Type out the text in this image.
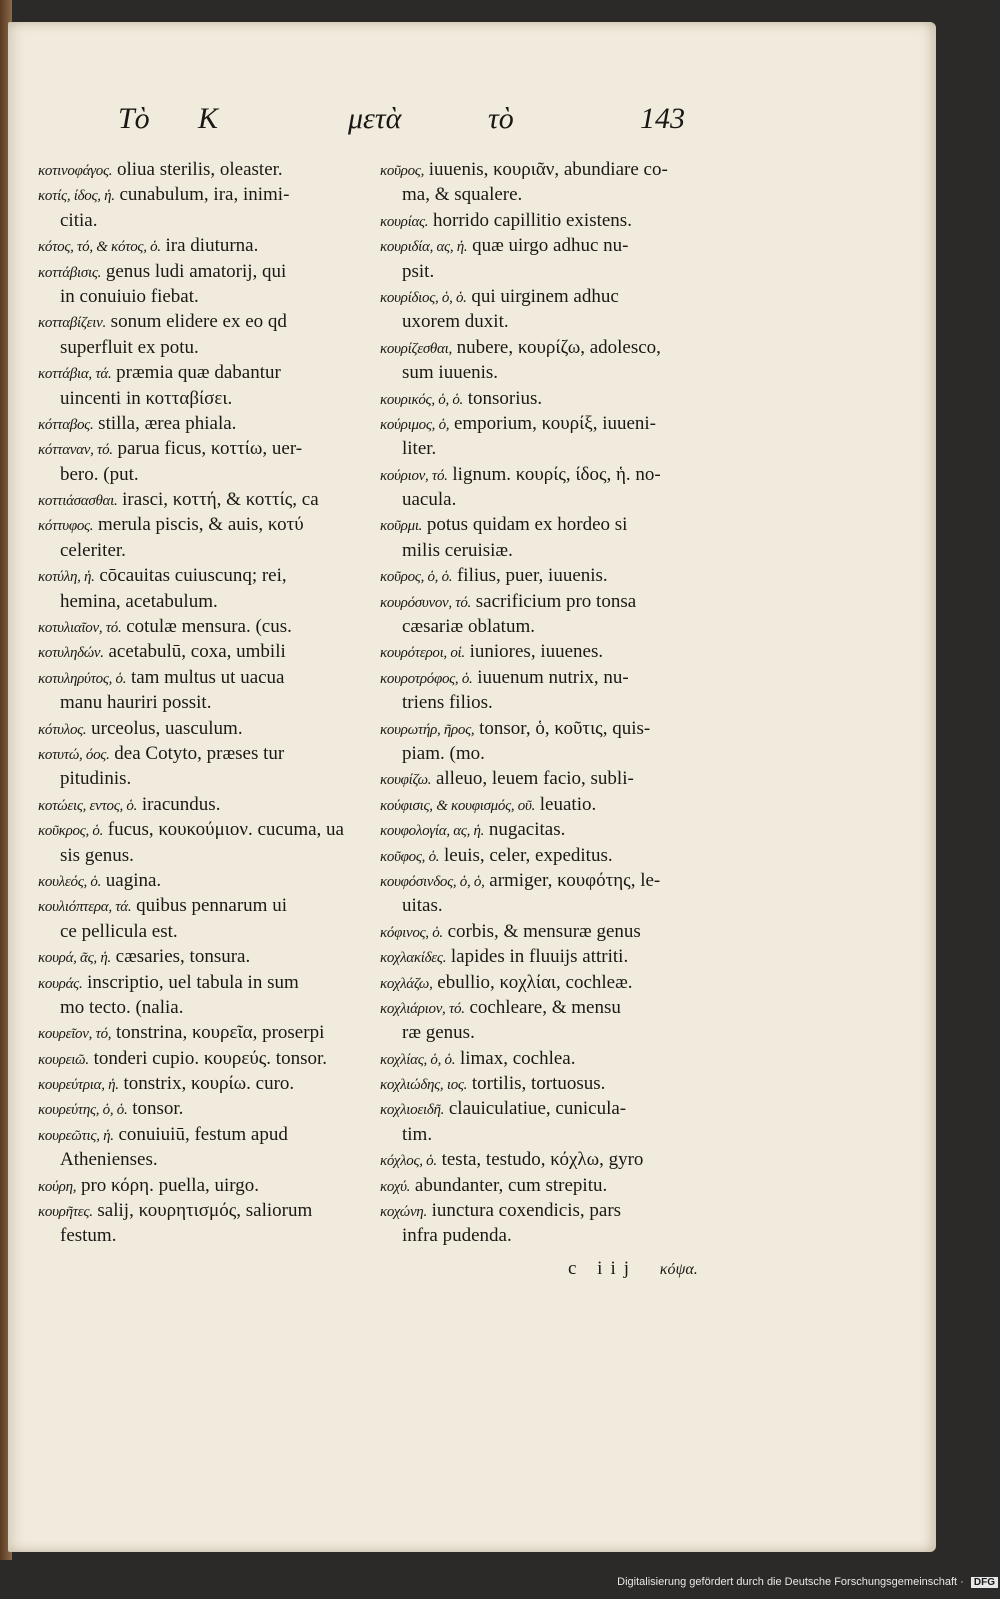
Τὸ Κ	μετὰ	τὸ	143
κοτινοφάγος. oliua sterilis, oleaster.
κοτίς, ίδος, ἡ. cunabulum, ira, inimi-
citia.
κότος, τό, & κότος, ὁ. ira diuturna.
κοττάβισις. genus ludi amatorij, qui
in conuiuio fiebat.
κοτταβίζειν. sonum elidere ex eo qd
superfluit ex potu.
κοττάβια, τά. præmia quæ dabantur
uincenti in κοτταβίσει.
κότταβος. stilla, ærea phiala.
κότταναν, τό. parua ficus, κοττίω, uer-
bero. (put.
κοττιάσασθαι. irasci, κοττή, & κοττίς, ca
κόττυφος. merula piscis, & auis, κοτύ
celeriter.
κοτύλη, ἡ. cōcauitas cuiuscunq; rei,
hemina, acetabulum.
κοτυλιαῖον, τό. cotulæ mensura. (cus.
κοτυληδών. acetabulū, coxa, umbili
κοτυληρύτος, ὁ. tam multus ut uacua
manu hauriri possit.
κότυλος. urceolus, uasculum.
κοτυτώ, όος. dea Cotyto, præses tur
pitudinis.
κοτώεις, εντος, ὁ. iracundus.
κοῦκρος, ὁ. fucus, κουκούμιον. cucuma, ua
sis genus.
κουλεός, ὁ. uagina.
κουλιόπτερα, τά. quibus pennarum ui
ce pellicula est.
κουρά, ᾶς, ἡ. cæsaries, tonsura.
κουράς. inscriptio, uel tabula in sum
mo tecto. (nalia.
κουρεῖον, τό, tonstrina, κουρεῖα, proserpi
κουρειῶ. tonderi cupio. κουρεύς. tonsor.
κουρεύτρια, ἡ. tonstrix, κουρίω. curo.
κουρεύτης, ὁ, ὁ. tonsor.
κουρεῶτις, ἡ. conuiuiū, festum apud
Athenienses.
κούρη, pro κόρη. puella, uirgo.
κουρῆτες. salij, κουρητισμός, saliorum
festum.
κοῦρος, iuuenis, κουριᾶν, abundiare co-
ma, & squalere.
κουρίας. horrido capillitio existens.
κουριδία, ας, ἡ. quæ uirgo adhuc nu-
psit.
κουρίδιος, ὁ, ὁ. qui uirginem adhuc
uxorem duxit.
κουρίζεσθαι, nubere, κουρίζω, adolesco,
sum iuuenis.
κουρικός, ὁ, ὁ. tonsorius.
κούριμος, ὁ, emporium, κουρίξ, iuueni-
liter.
κούριον, τό. lignum. κουρίς, ίδος, ἡ. no-
uacula.
κοῦρμι. potus quidam ex hordeo si
milis ceruisiæ.
κοῦρος, ὁ, ὁ. filius, puer, iuuenis.
κουρόσυνον, τό. sacrificium pro tonsa
cæsariæ oblatum.
κουρότεροι, οἱ. iuniores, iuuenes.
κουροτρόφος, ὁ. iuuenum nutrix, nu-
triens filios.
κουρωτήρ, ῆρος, tonsor, ὁ, κοῦτις, quis-
piam. (mo.
κουφίζω. alleuo, leuem facio, subli-
κούφισις, & κουφισμός, οῦ. leuatio.
κουφολογία, ας, ἡ. nugacitas.
κοῦφος, ὁ. leuis, celer, expeditus.
κουφόσινδος, ὁ, ὁ, armiger, κουφότης, le-
uitas.
κόφινος, ὁ. corbis, & mensuræ genus
κοχλακίδες. lapides in fluuijs attriti.
κοχλάζω, ebullio, κοχλίαι, cochleæ.
κοχλιάριον, τό. cochleare, & mensu
ræ genus.
κοχλίας, ὁ, ὁ. limax, cochlea.
κοχλιώδης, ιος. tortilis, tortuosus.
κοχλιοειδῆ. clauiculatiue, cunicula-
tim.
κόχλος, ὁ. testa, testudo, κόχλω, gyro
κοχύ. abundanter, cum strepitu.
κοχώνη. iunctura coxendicis, pars
infra pudenda.
c iij κόψα.
Digitalisierung gefördert durch die Deutsche Forschungsgemeinschaft · DFG
